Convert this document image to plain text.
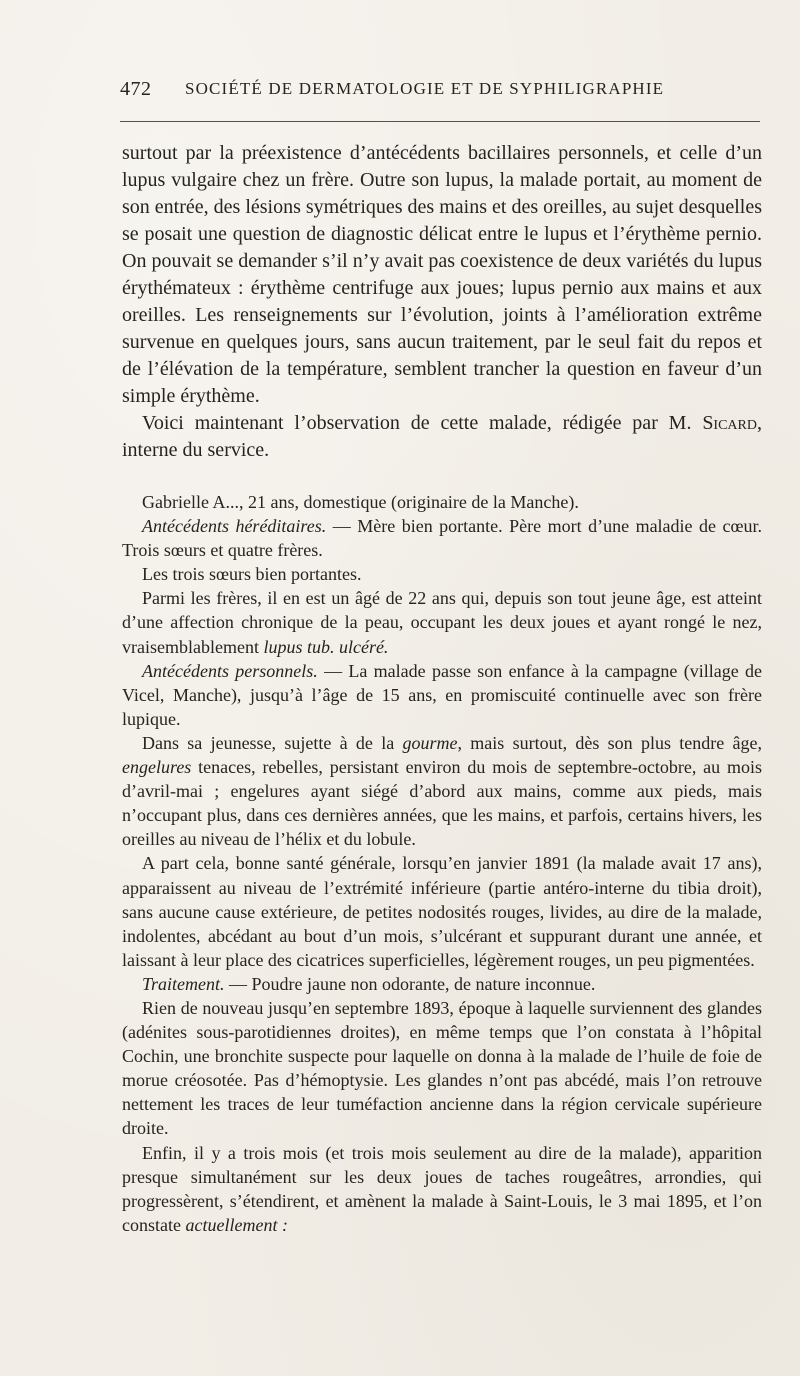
472 SOCIÉTÉ DE DERMATOLOGIE ET DE SYPHILIGRAPHIE

surtout par la préexistence d’antécédents bacillaires personnels, et celle d’un lupus vulgaire chez un frère. Outre son lupus, la malade portait, au moment de son entrée, des lésions symétriques des mains et des oreilles, au sujet desquelles se posait une question de diagnostic délicat entre le lupus et l’érythème pernio. On pouvait se demander s’il n’y avait pas coexistence de deux variétés du lupus érythémateux : érythème centrifuge aux joues; lupus pernio aux mains et aux oreilles. Les renseignements sur l’évolution, joints à l’amélioration extrême survenue en quelques jours, sans aucun traitement, par le seul fait du repos et de l’élévation de la température, semblent trancher la question en faveur d’un simple érythème.

Voici maintenant l’observation de cette malade, rédigée par M. Sicard, interne du service.

Gabrielle A..., 21 ans, domestique (originaire de la Manche).

Antécédents héréditaires. — Mère bien portante. Père mort d’une maladie de cœur. Trois sœurs et quatre frères.

Les trois sœurs bien portantes.

Parmi les frères, il en est un âgé de 22 ans qui, depuis son tout jeune âge, est atteint d’une affection chronique de la peau, occupant les deux joues et ayant rongé le nez, vraisemblablement lupus tub. ulcéré.

Antécédents personnels. — La malade passe son enfance à la campagne (village de Vicel, Manche), jusqu’à l’âge de 15 ans, en promiscuité continuelle avec son frère lupique.

Dans sa jeunesse, sujette à de la gourme, mais surtout, dès son plus tendre âge, engelures tenaces, rebelles, persistant environ du mois de septembre-octobre, au mois d’avril-mai ; engelures ayant siégé d’abord aux mains, comme aux pieds, mais n’occupant plus, dans ces dernières années, que les mains, et parfois, certains hivers, les oreilles au niveau de l’hélix et du lobule.

A part cela, bonne santé générale, lorsqu’en janvier 1891 (la malade avait 17 ans), apparaissent au niveau de l’extrémité inférieure (partie antéro-interne du tibia droit), sans aucune cause extérieure, de petites nodosités rouges, livides, au dire de la malade, indolentes, abcédant au bout d’un mois, s’ulcérant et suppurant durant une année, et laissant à leur place des cicatrices superficielles, légèrement rouges, un peu pigmentées.

Traitement. — Poudre jaune non odorante, de nature inconnue.

Rien de nouveau jusqu’en septembre 1893, époque à laquelle surviennent des glandes (adénites sous-parotidiennes droites), en même temps que l’on constata à l’hôpital Cochin, une bronchite suspecte pour laquelle on donna à la malade de l’huile de foie de morue créosotée. Pas d’hémoptysie. Les glandes n’ont pas abcédé, mais l’on retrouve nettement les traces de leur tuméfaction ancienne dans la région cervicale supérieure droite.

Enfin, il y a trois mois (et trois mois seulement au dire de la malade), apparition presque simultanément sur les deux joues de taches rougeâtres, arrondies, qui progressèrent, s’étendirent, et amènent la malade à Saint-Louis, le 3 mai 1895, et l’on constate actuellement :
